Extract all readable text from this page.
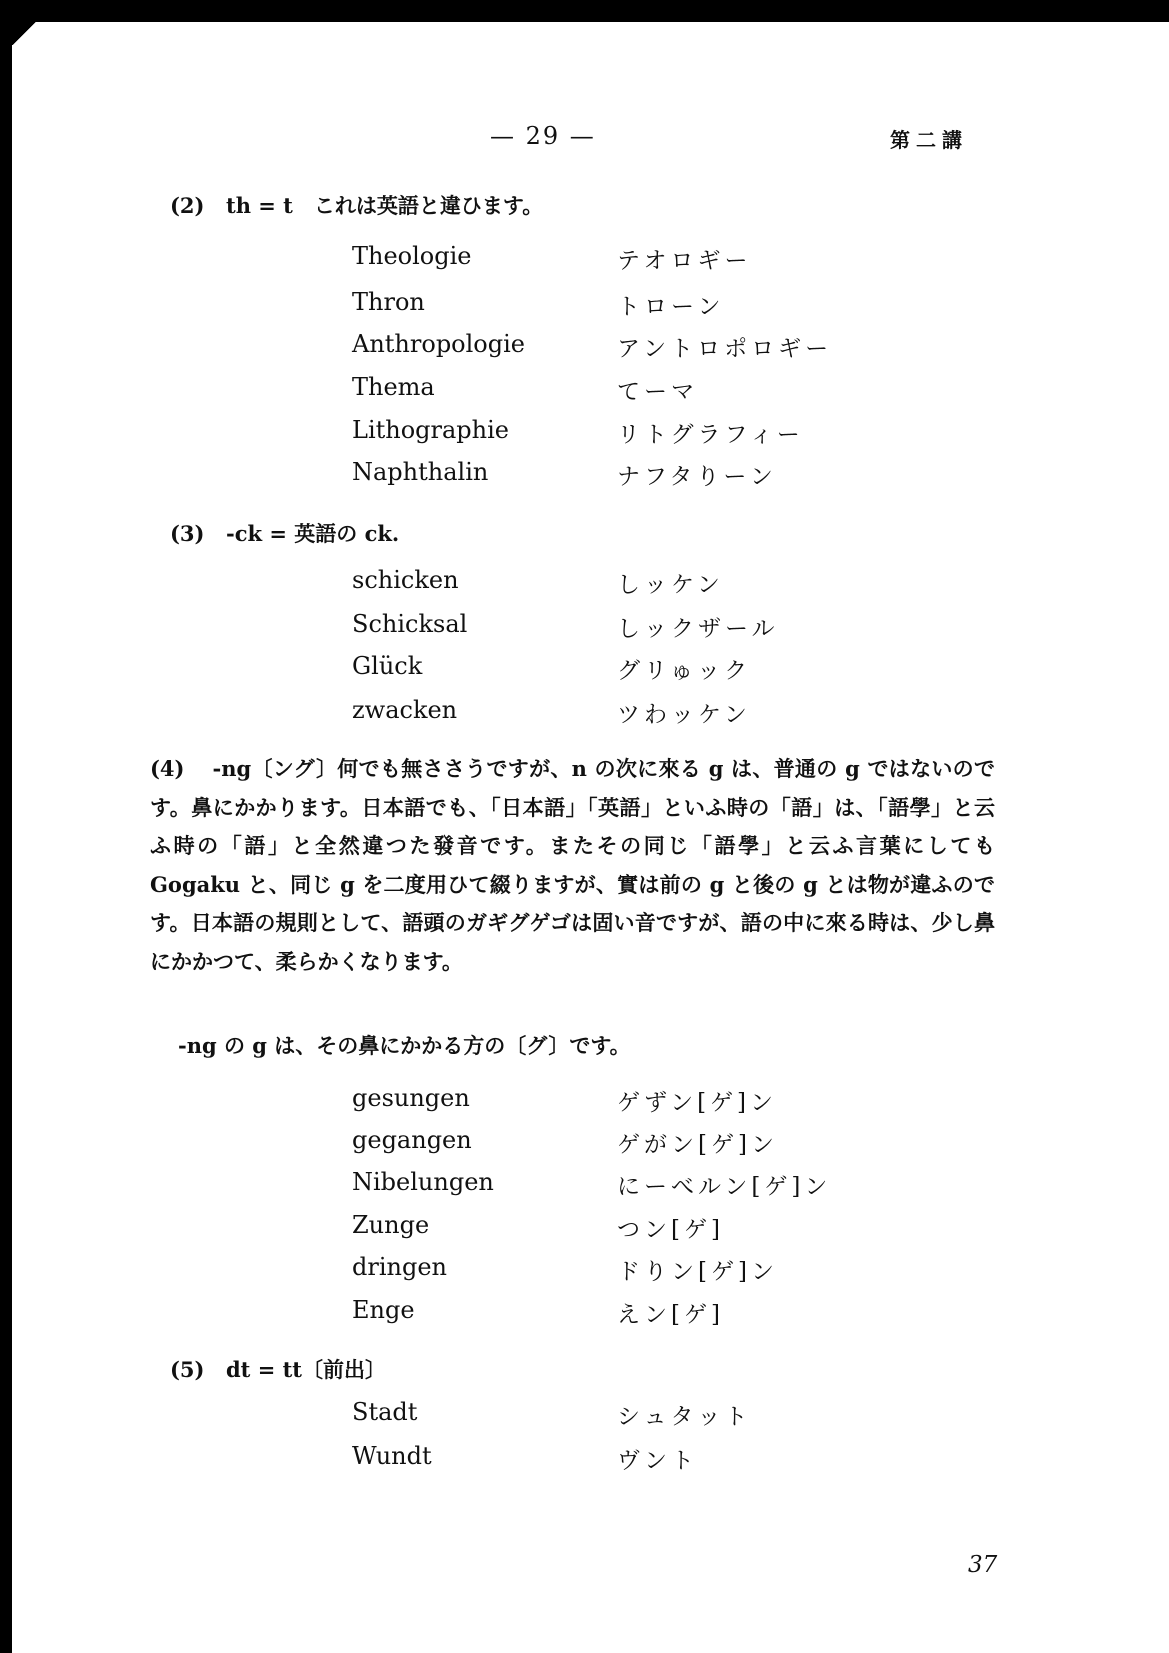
— 29 —	第二講
(2) th = t　これは英語と違ひます。
Theologie	テオロギー
Thron	トローン
Anthropologie	アントロポロギー
Thema	てーマ
Lithographie	リトグラフィー
Naphthalin	ナフタりーン
(3) -ck = 英語の ck.
schicken	しッケン
Schicksal	しックザール
Glück	グリゅック
zwacken	ツわッケン
(4) -ng〔ング〕何でも無ささうですが、n の次に來る g は、普通の g ではないのです。鼻にかかります。日本語でも、「日本語」「英語」といふ時の「語」は、「語學」と云ふ時の「語」と全然違つた發音です。またその同じ「語學」と云ふ言葉にしても Gogaku と、同じ g を二度用ひて綴りますが、實は前の g と後の g とは物が違ふのです。日本語の規則として、語頭のガギグゲゴは固い音ですが、語の中に來る時は、少し鼻にかかつて、柔らかくなります。
-ng の g は、その鼻にかかる方の〔グ〕です。
gesungen	ゲずン[ゲ]ン
gegangen	ゲがン[ゲ]ン
Nibelungen	にーべルン[ゲ]ン
Zunge	つン[ゲ]
dringen	ドりン[ゲ]ン
Enge	えン[ゲ]
(5) dt = tt〔前出〕
Stadt	シュタット
Wundt	ヴント
37
